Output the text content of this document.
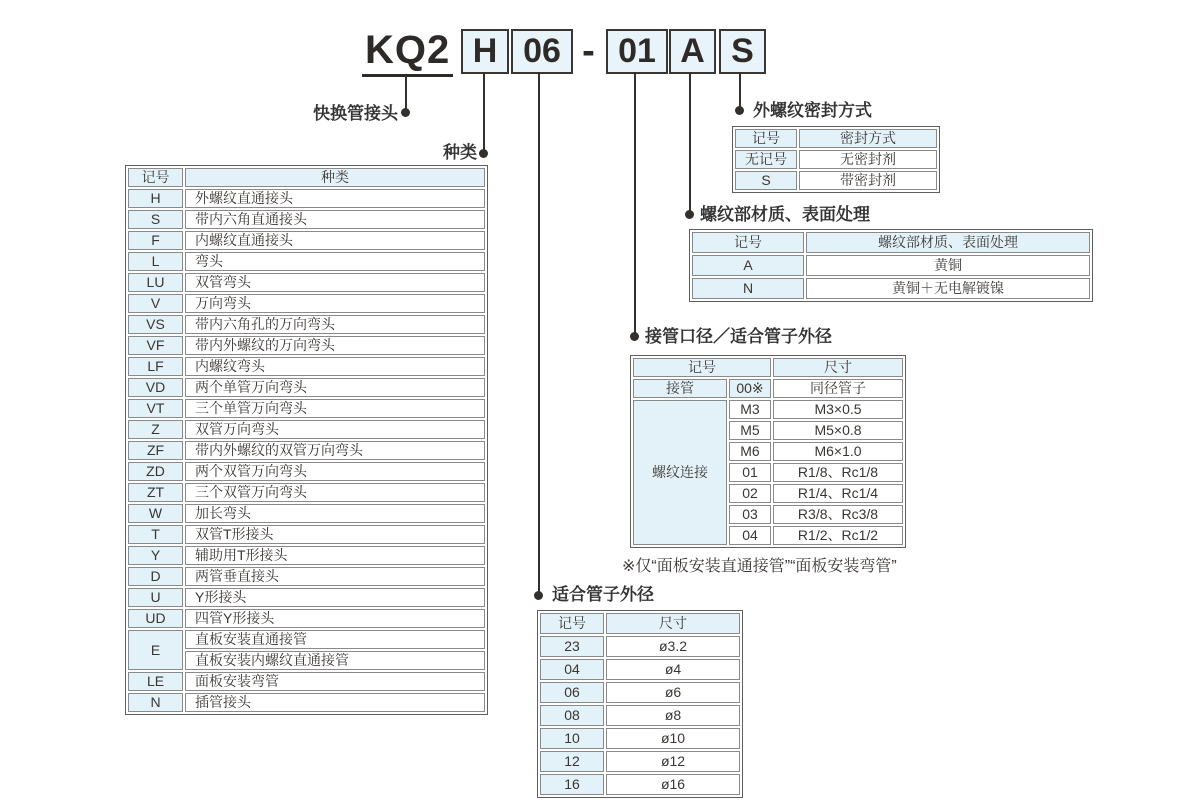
KQ2 H 06 - 01 A S
快换管接头
种类
外螺纹密封方式
螺纹部材质、表面处理
接管口径／适合管子外径
适合管子外径
记号	种类
H	外螺纹直通接头
S	带内六角直通接头
F	内螺纹直通接头
L	弯头
LU	双管弯头
V	万向弯头
VS	带内六角孔的万向弯头
VF	带内外螺纹的万向弯头
LF	内螺纹弯头
VD	两个单管万向弯头
VT	三个单管万向弯头
Z	双管万向弯头
ZF	带内外螺纹的双管万向弯头
ZD	两个双管万向弯头
ZT	三个双管万向弯头
W	加长弯头
T	双管T形接头
Y	辅助用T形接头
D	两管垂直接头
U	Y形接头
UD	四管Y形接头
E	直板安装直通接管
	直板安装内螺纹直通接管
LE	面板安装弯管
N	插管接头
记号	密封方式
无记号	无密封剂
S	带密封剂
记号	螺纹部材质、表面处理
A	黄铜
N	黄铜＋无电解镀镍
记号		尺寸
接管	00※	同径管子
螺纹连接	M3	M3×0.5
	M5	M5×0.8
	M6	M6×1.0
	01	R1/8、Rc1/8
	02	R1/4、Rc1/4
	03	R3/8、Rc3/8
	04	R1/2、Rc1/2
记号	尺寸
23	ø3.2
04	ø4
06	ø6
08	ø8
10	ø10
12	ø12
16	ø16
※仅“面板安装直通接管”“面板安装弯管”
